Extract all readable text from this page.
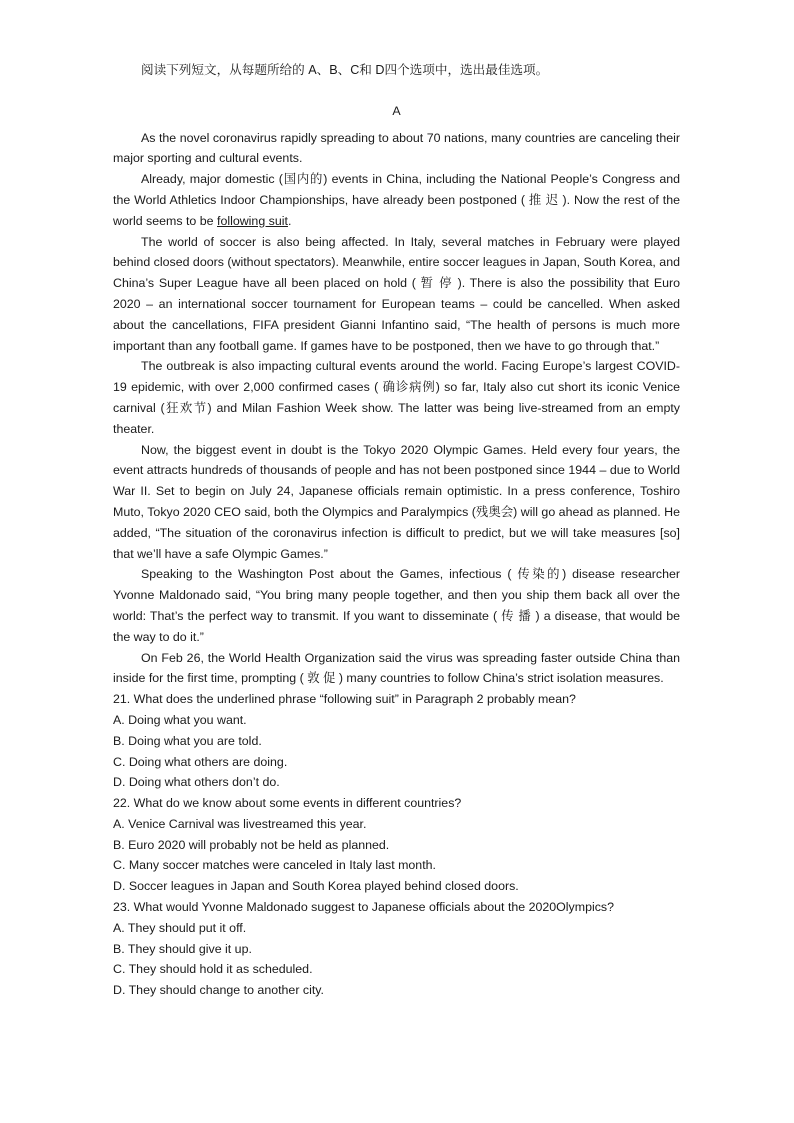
阅读下列短文，从每题所给的 A、B、C和 D四个选项中，选出最佳选项。

A

As the novel coronavirus rapidly spreading to about 70 nations, many countries are canceling their major sporting and cultural events.

Already, major domestic (国内的) events in China, including the National People’s Congress and the World Athletics Indoor Championships, have already been postponed ( 推 迟 ). Now the rest of the world seems to be following suit.

The world of soccer is also being affected. In Italy, several matches in February were played behind closed doors (without spectators). Meanwhile, entire soccer leagues in Japan, South Korea, and China’s Super League have all been placed on hold ( 暂 停 ). There is also the possibility that Euro 2020 – an international soccer tournament for European teams – could be cancelled. When asked about the cancellations, FIFA president Gianni Infantino said, “The health of persons is much more important than any football game. If games have to be postponed, then we have to go through that.”

The outbreak is also impacting cultural events around the world. Facing Europe’s largest COVID-19 epidemic, with over 2,000 confirmed cases ( 确诊病例) so far, Italy also cut short its iconic Venice carnival (狂欢节) and Milan Fashion Week show. The latter was being live-streamed from an empty theater.

Now, the biggest event in doubt is the Tokyo 2020 Olympic Games. Held every four years, the event attracts hundreds of thousands of people and has not been postponed since 1944 – due to World War II. Set to begin on July 24, Japanese officials remain optimistic. In a press conference, Toshiro Muto, Tokyo 2020 CEO said, both the Olympics and Paralympics (残奥会) will go ahead as planned. He added, “The situation of the coronavirus infection is difficult to predict, but we will take measures [so] that we’ll have a safe Olympic Games.”

Speaking to the Washington Post about the Games, infectious ( 传染的) disease researcher Yvonne Maldonado said, “You bring many people together, and then you ship them back all over the world: That’s the perfect way to transmit. If you want to disseminate ( 传 播 ) a disease, that would be the way to do it.”

On Feb 26, the World Health Organization said the virus was spreading faster outside China than inside for the first time, prompting ( 敦 促 ) many countries to follow China’s strict isolation measures.

21. What does the underlined phrase “following suit” in Paragraph 2 probably mean?

A. Doing what you want.

B. Doing what you are told.

C. Doing what others are doing.

D. Doing what others don’t do.

22. What do we know about some events in different countries?

A. Venice Carnival was livestreamed this year.

B. Euro 2020 will probably not be held as planned.

C. Many soccer matches were canceled in Italy last month.

D. Soccer leagues in Japan and South Korea played behind closed doors.

23. What would Yvonne Maldonado suggest to Japanese officials about the 2020Olympics?

A. They should put it off.

B. They should give it up.

C. They should hold it as scheduled.

D. They should change to another city.
